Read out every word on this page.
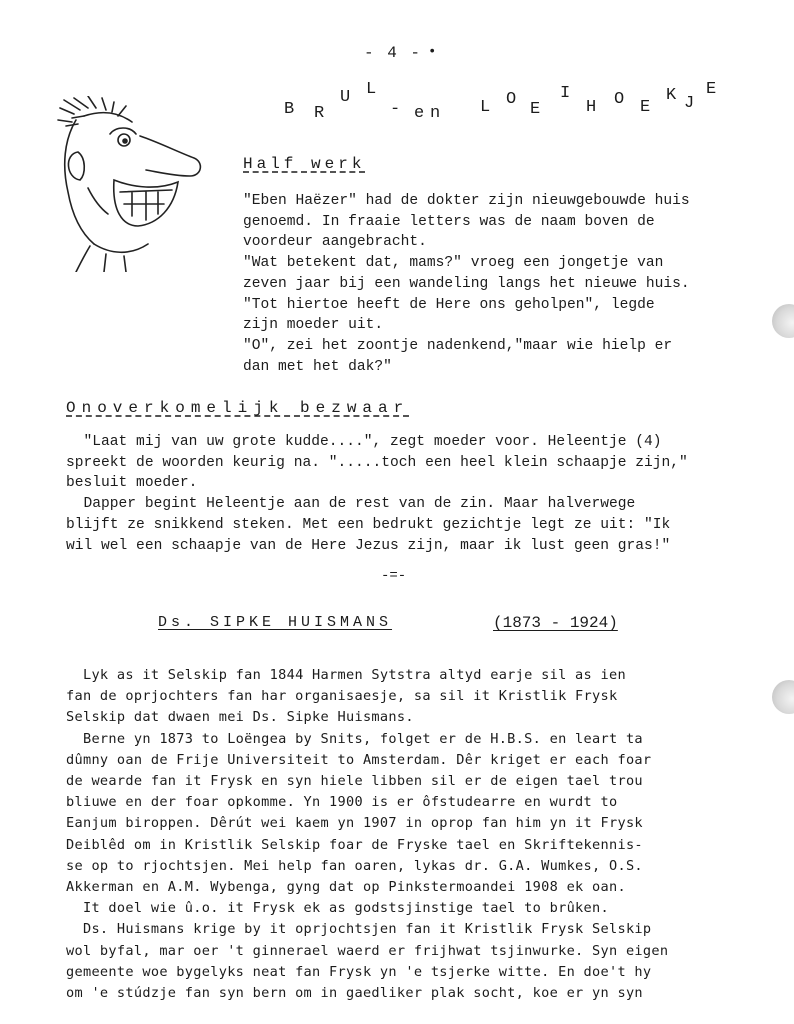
- 4 - •
B R
U L
- e n L O
E
I
H O E
K J
E
Half werk
"Eben Haëzer" had de dokter zijn nieuwgebouwde huis
genoemd. In fraaie letters was de naam boven de
voordeur aangebracht.
"Wat betekent dat, mams?" vroeg een jongetje van
zeven jaar bij een wandeling langs het nieuwe huis.
"Tot hiertoe heeft de Here ons geholpen", legde
zijn moeder uit.
"O", zei het zoontje nadenkend,"maar wie hielp er
dan met het dak?"
Onoverkomelijk bezwaar
"Laat mij van uw grote kudde....", zegt moeder voor. Heleentje (4)
spreekt de woorden keurig na. ".....toch een heel klein schaapje zijn,"
besluit moeder.
Dapper begint Heleentje aan de rest van de zin. Maar halverwege
blijft ze snikkend steken. Met een bedrukt gezichtje legt ze uit: "Ik
wil wel een schaapje van de Here Jezus zijn, maar ik lust geen gras!"
-=-
Ds. SIPKE HUISMANS	(1873 - 1924)
Lyk as it Selskip fan 1844 Harmen Sytstra altyd earje sil as ien
fan de oprjochters fan har organisaesje, sa sil it Kristlik Frysk
Selskip dat dwaen mei Ds. Sipke Huismans.
Berne yn 1873 to Loëngea by Snits, folget er de H.B.S. en leart ta
dûmny oan de Frije Universiteit to Amsterdam. Dêr kriget er each foar
de wearde fan it Frysk en syn hiele libben sil er de eigen tael trou
bliuwe en der foar opkomme. Yn 1900 is er ôfstudearre en wurdt to
Eanjum biroppen. Dêrút wei kaem yn 1907 in oprop fan him yn it Frysk
Deiblêd om in Kristlik Selskip foar de Fryske tael en Skriftekennis-
se op to rjochtsjen. Mei help fan oaren, lykas dr. G.A. Wumkes, O.S.
Akkerman en A.M. Wybenga, gyng dat op Pinkstermoandei 1908 ek oan.
It doel wie û.o. it Frysk ek as godstsjinstige tael to brûken.
Ds. Huismans krige by it oprjochtsjen fan it Kristlik Frysk Selskip
wol byfal, mar oer 't ginnerael waerd er frijhwat tsjinwurke. Syn eigen
gemeente woe bygelyks neat fan Frysk yn 'e tsjerke witte. En doe't hy
om 'e stúdzje fan syn bern om in gaedliker plak socht, koe er yn syn
